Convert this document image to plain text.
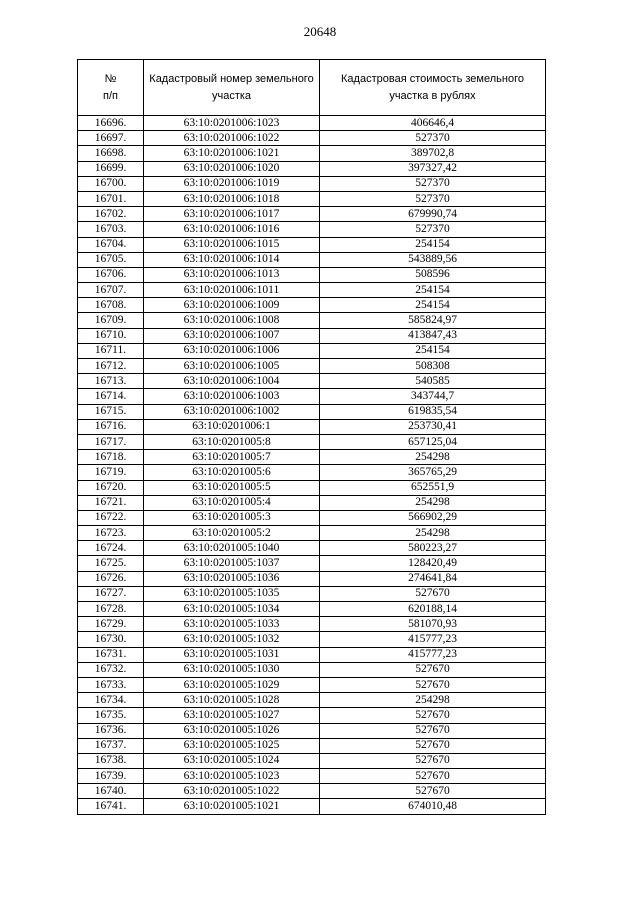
20648
№
п/п	Кадастровый номер земельного участка	Кадастровая стоимость земельного участка в рублях
16696.	63:10:0201006:1023	406646,4
16697.	63:10:0201006:1022	527370
16698.	63:10:0201006:1021	389702,8
16699.	63:10:0201006:1020	397327,42
16700.	63:10:0201006:1019	527370
16701.	63:10:0201006:1018	527370
16702.	63:10:0201006:1017	679990,74
16703.	63:10:0201006:1016	527370
16704.	63:10:0201006:1015	254154
16705.	63:10:0201006:1014	543889,56
16706.	63:10:0201006:1013	508596
16707.	63:10:0201006:1011	254154
16708.	63:10:0201006:1009	254154
16709.	63:10:0201006:1008	585824,97
16710.	63:10:0201006:1007	413847,43
16711.	63:10:0201006:1006	254154
16712.	63:10:0201006:1005	508308
16713.	63:10:0201006:1004	540585
16714.	63:10:0201006:1003	343744,7
16715.	63:10:0201006:1002	619835,54
16716.	63:10:0201006:1	253730,41
16717.	63:10:0201005:8	657125,04
16718.	63:10:0201005:7	254298
16719.	63:10:0201005:6	365765,29
16720.	63:10:0201005:5	652551,9
16721.	63:10:0201005:4	254298
16722.	63:10:0201005:3	566902,29
16723.	63:10:0201005:2	254298
16724.	63:10:0201005:1040	580223,27
16725.	63:10:0201005:1037	128420,49
16726.	63:10:0201005:1036	274641,84
16727.	63:10:0201005:1035	527670
16728.	63:10:0201005:1034	620188,14
16729.	63:10:0201005:1033	581070,93
16730.	63:10:0201005:1032	415777,23
16731.	63:10:0201005:1031	415777,23
16732.	63:10:0201005:1030	527670
16733.	63:10:0201005:1029	527670
16734.	63:10:0201005:1028	254298
16735.	63:10:0201005:1027	527670
16736.	63:10:0201005:1026	527670
16737.	63:10:0201005:1025	527670
16738.	63:10:0201005:1024	527670
16739.	63:10:0201005:1023	527670
16740.	63:10:0201005:1022	527670
16741.	63:10:0201005:1021	674010,48
